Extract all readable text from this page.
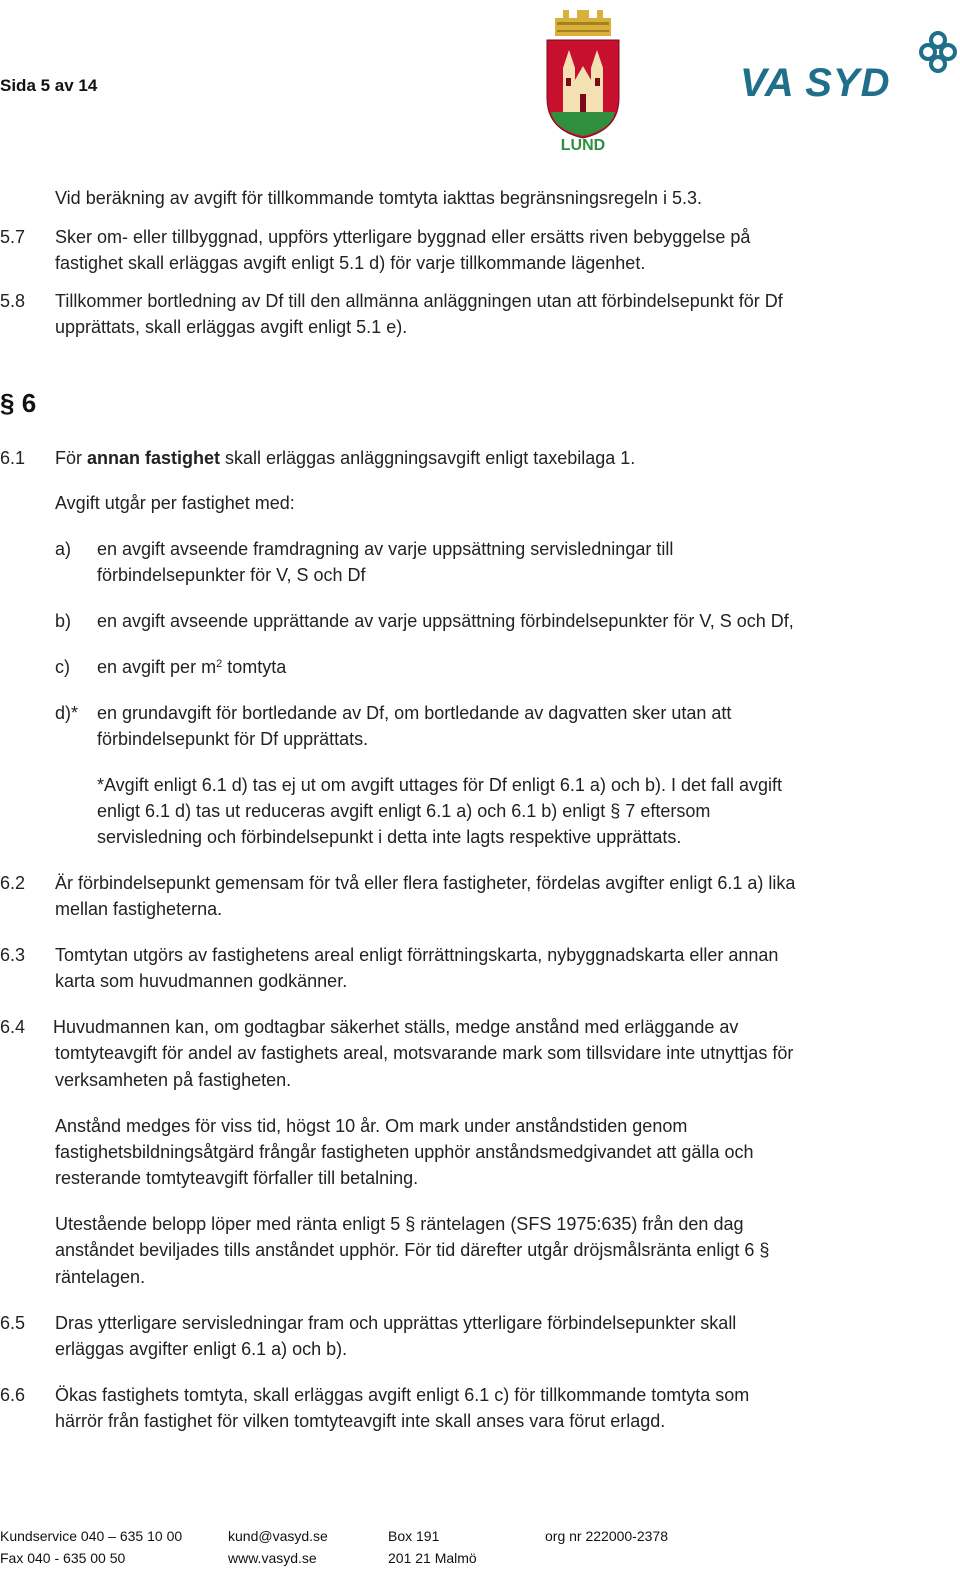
Sida 5 av 14
LUND
VA SYD

Vid beräkning av avgift för tillkommande tomtyta iakttas begränsningsregeln i 5.3.

5.7 Sker om- eller tillbyggnad, uppförs ytterligare byggnad eller ersätts riven bebyggelse på

fastighet skall erläggas avgift enligt 5.1 d) för varje tillkommande lägenhet.

5.8 Tillkommer bortledning av Df till den allmänna anläggningen utan att förbindelsepunkt för Df

upprättats, skall erläggas avgift enligt 5.1 e).

§ 6
6.1 För annan fastighet skall erläggas anläggningsavgift enligt taxebilaga 1.

Avgift utgår per fastighet med:

a) en avgift avseende framdragning av varje uppsättning servisledningar till

förbindelsepunkter för V, S och Df

b) en avgift avseende upprättande av varje uppsättning förbindelsepunkter för V, S och Df,

c) en avgift per $m^2$ tomtyta

d)* en grundavgift för bortledande av Df, om bortledande av dagvatten sker utan att

förbindelsepunkt för Df upprättats.

*Avgift enligt 6.1 d) tas ej ut om avgift uttages för Df enligt 6.1 a) och b). I det fall avgift

enligt 6.1 d) tas ut reduceras avgift enligt 6.1 a) och 6.1 b) enligt § 7 eftersom

servisledning och förbindelsepunkt i detta inte lagts respektive upprättats.

6.2 Är förbindelsepunkt gemensam för två eller flera fastigheter, fördelas avgifter enligt 6.1 a) lika

mellan fastigheterna.

6.3 Tomtytan utgörs av fastighetens areal enligt förrättningskarta, nybyggnadskarta eller annan

karta som huvudmannen godkänner.

6.4 Huvudmannen kan, om godtagbar säkerhet ställs, medge anstånd med erläggande av

tomtyteavgift för andel av fastighets areal, motsvarande mark som tillsvidare inte utnyttjas för

verksamheten på fastigheten.

Anstånd medges för viss tid, högst 10 år. Om mark under anståndstiden genom

fastighetsbildningsåtgärd frångår fastigheten upphör anståndsmedgivandet att gälla och

resterande tomtyteavgift förfaller till betalning.

Utestående belopp löper med ränta enligt 5 § räntelagen (SFS 1975:635) från den dag

anståndet beviljades tills anståndet upphör. För tid därefter utgår dröjsmålsränta enligt 6 §

räntelagen.

6.5 Dras ytterligare servisledningar fram och upprättas ytterligare förbindelsepunkter skall

erläggas avgifter enligt 6.1 a) och b).

6.6 Ökas fastighets tomtyta, skall erläggas avgift enligt 6.1 c) för tillkommande tomtyta som

härrör från fastighet för vilken tomtyteavgift inte skall anses vara förut erlagd.

Kundservice 040 – 635 10 00
Fax 040 - 635 00 50
kund@vasyd.se
www.vasyd.se
Box 191
201 21 Malmö
org nr 222000-2378
